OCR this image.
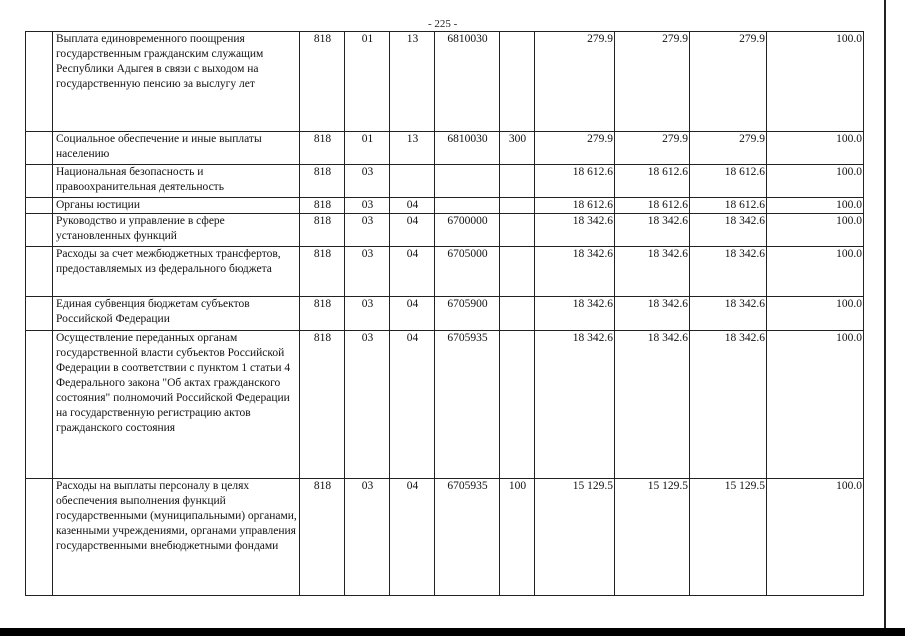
- 225 -
	Выплата единовременного поощрения государственным гражданским служащим Республики Адыгея в связи с выходом на государственную пенсию за выслугу лет	818	01	13	6810030		279.9	279.9	279.9	100.0
	Социальное обеспечение и иные выплаты населению	818	01	13	6810030	300	279.9	279.9	279.9	100.0
	Национальная безопасность и правоохранительная деятельность	818	03				18 612.6	18 612.6	18 612.6	100.0
	Органы юстиции	818	03	04			18 612.6	18 612.6	18 612.6	100.0
	Руководство и управление в сфере установленных функций	818	03	04	6700000		18 342.6	18 342.6	18 342.6	100.0
	Расходы за счет межбюджетных трансфертов, предоставляемых из федерального бюджета	818	03	04	6705000		18 342.6	18 342.6	18 342.6	100.0
	Единая субвенция бюджетам субъектов Российской Федерации	818	03	04	6705900		18 342.6	18 342.6	18 342.6	100.0
	Осуществление переданных органам государственной власти субъектов Российской Федерации в соответствии с пунктом 1 статьи 4 Федерального закона "Об актах гражданского состояния" полномочий Российской Федерации на государственную регистрацию актов гражданского состояния	818	03	04	6705935		18 342.6	18 342.6	18 342.6	100.0
	Расходы на выплаты персоналу в целях обеспечения выполнения функций государственными (муниципальными) органами, казенными учреждениями, органами управления государственными внебюджетными фондами	818	03	04	6705935	100	15 129.5	15 129.5	15 129.5	100.0
